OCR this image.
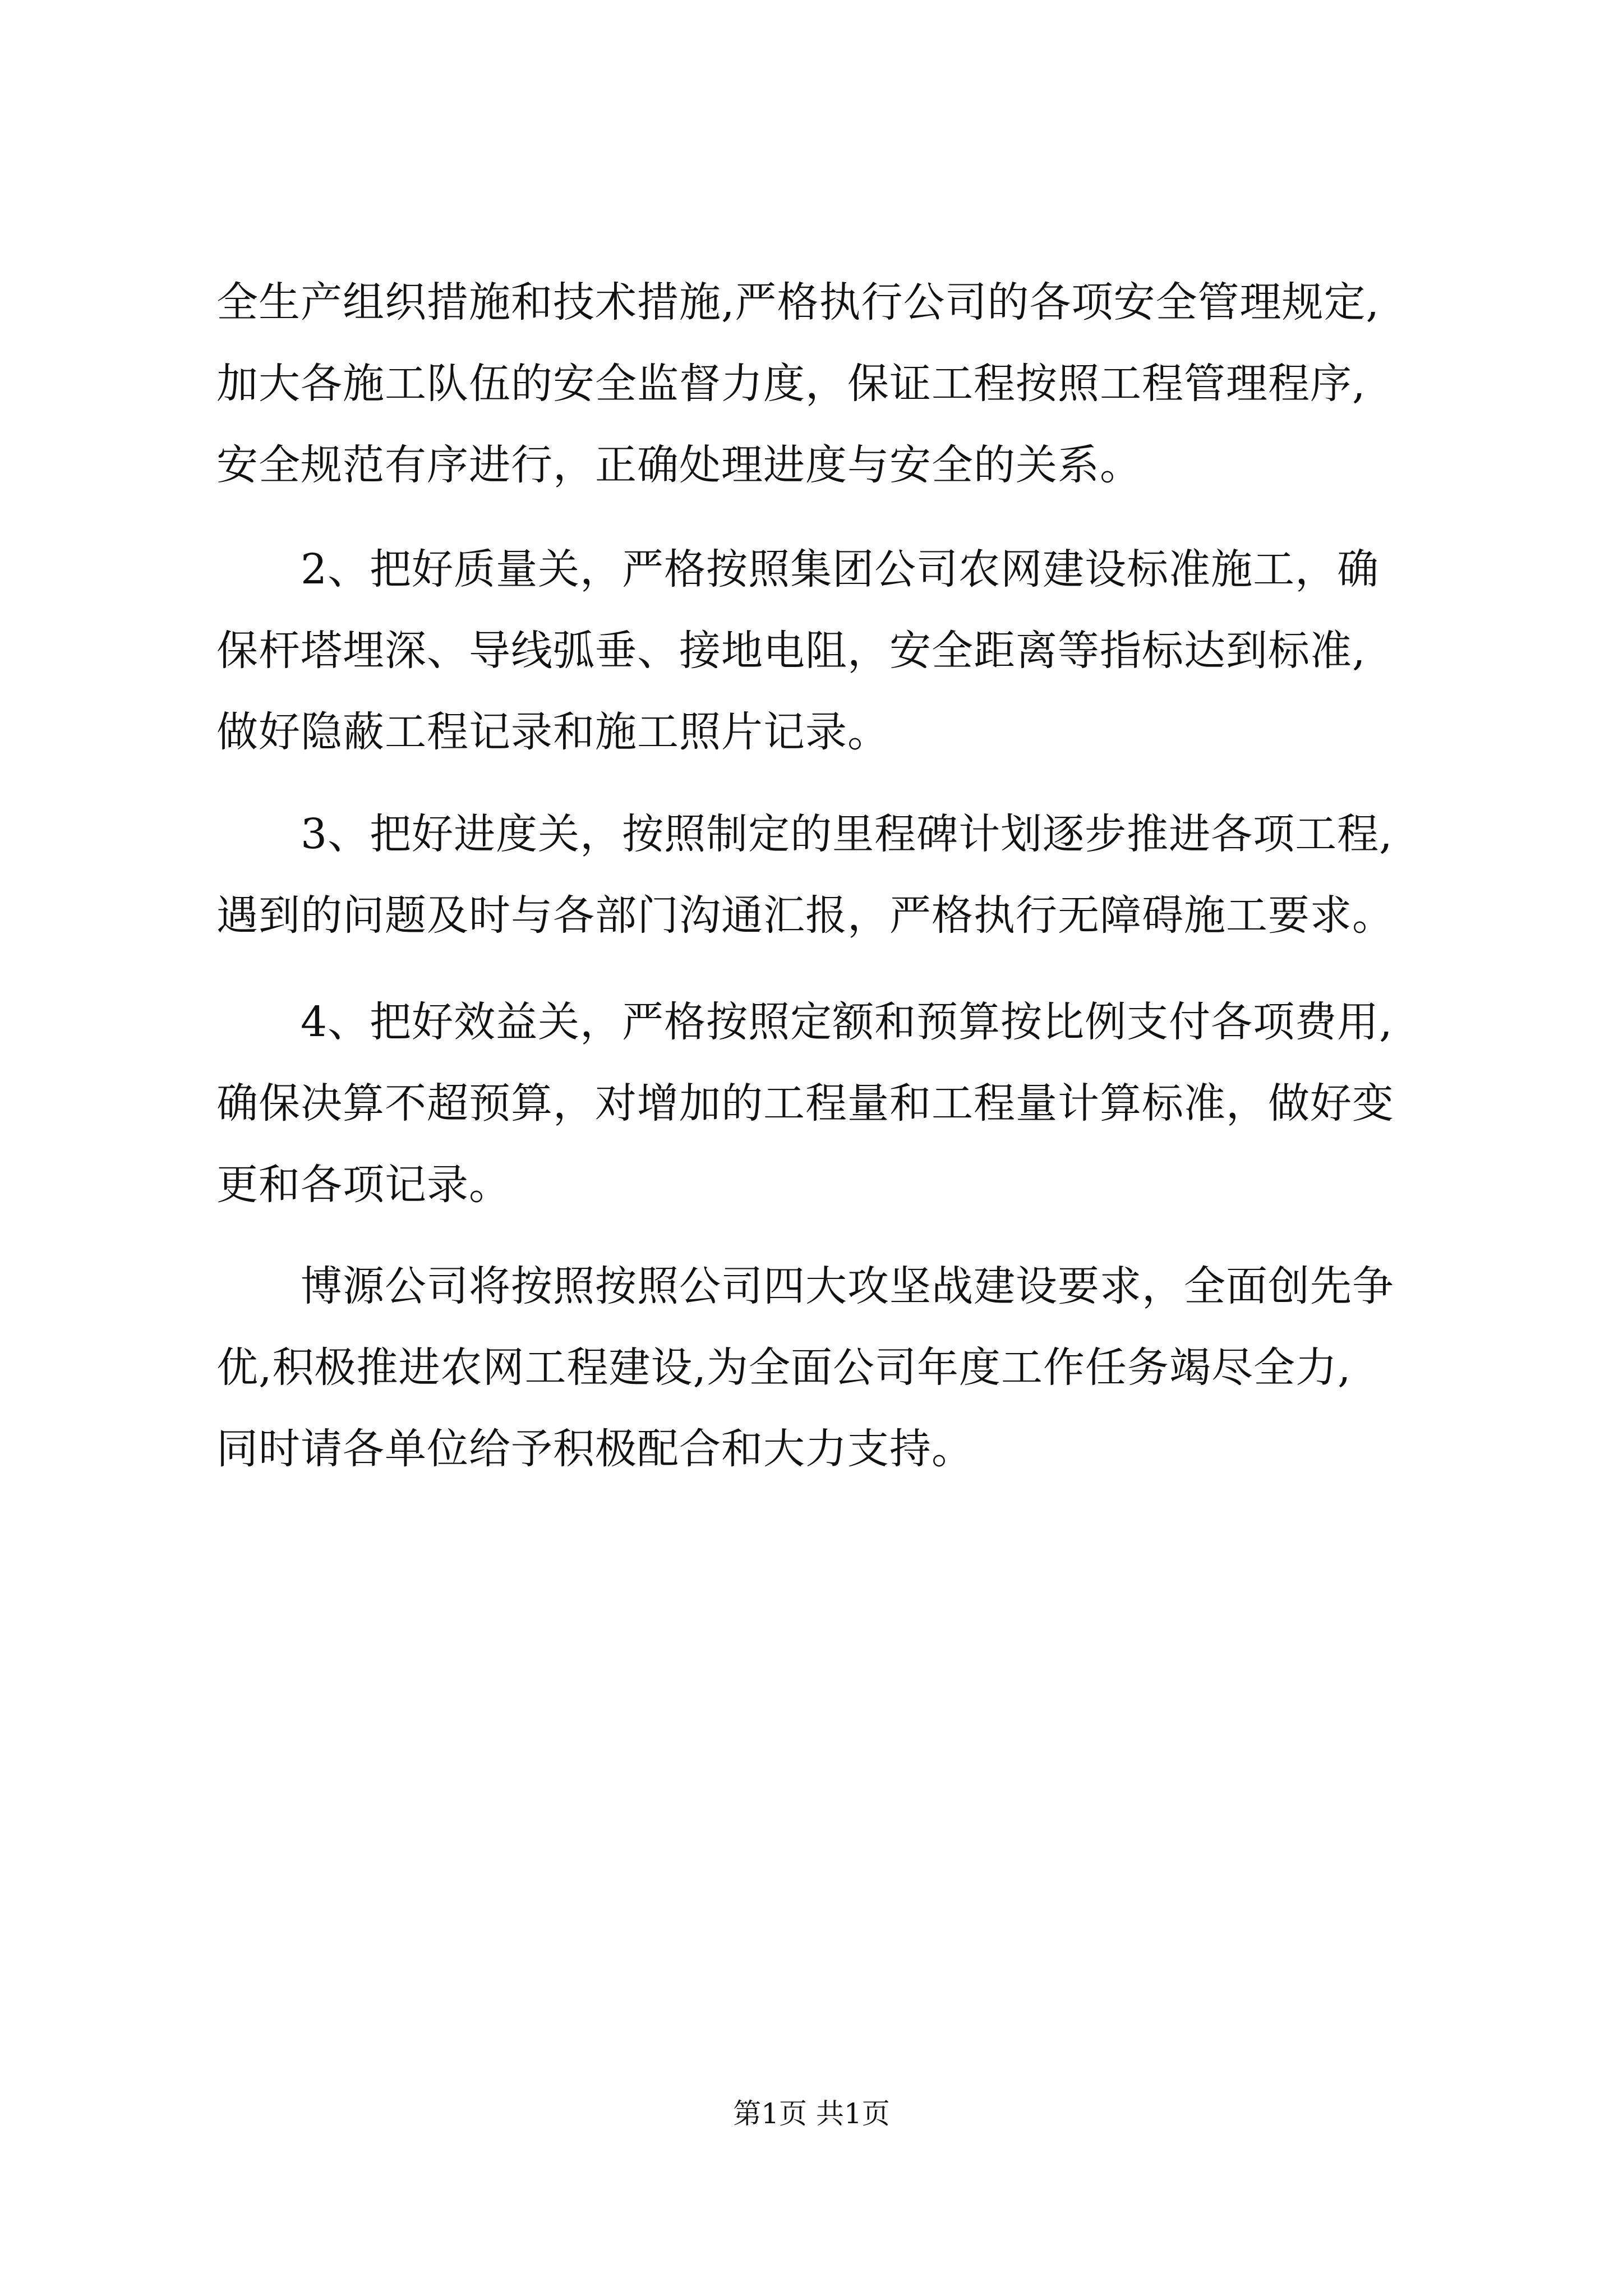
全生产组织措施和技术措施,严格执行公司的各项安全管理规定,
加大各施工队伍的安全监督力度，保证工程按照工程管理程序,
安全规范有序进行，正确处理进度与安全的关系。
2、把好质量关，严格按照集团公司农网建设标准施工，确
保杆塔埋深、导线弧垂、接地电阻，安全距离等指标达到标准,
做好隐蔽工程记录和施工照片记录。
3、把好进度关，按照制定的里程碑计划逐步推进各项工程,
遇到的问题及时与各部门沟通汇报，严格执行无障碍施工要求。
4、把好效益关，严格按照定额和预算按比例支付各项费用,
确保决算不超预算，对增加的工程量和工程量计算标准，做好变
更和各项记录。
博源公司将按照按照公司四大攻坚战建设要求，全面创先争
优,积极推进农网工程建设,为全面公司年度工作任务竭尽全力,
同时请各单位给予积极配合和大力支持。
第1页 共1页
